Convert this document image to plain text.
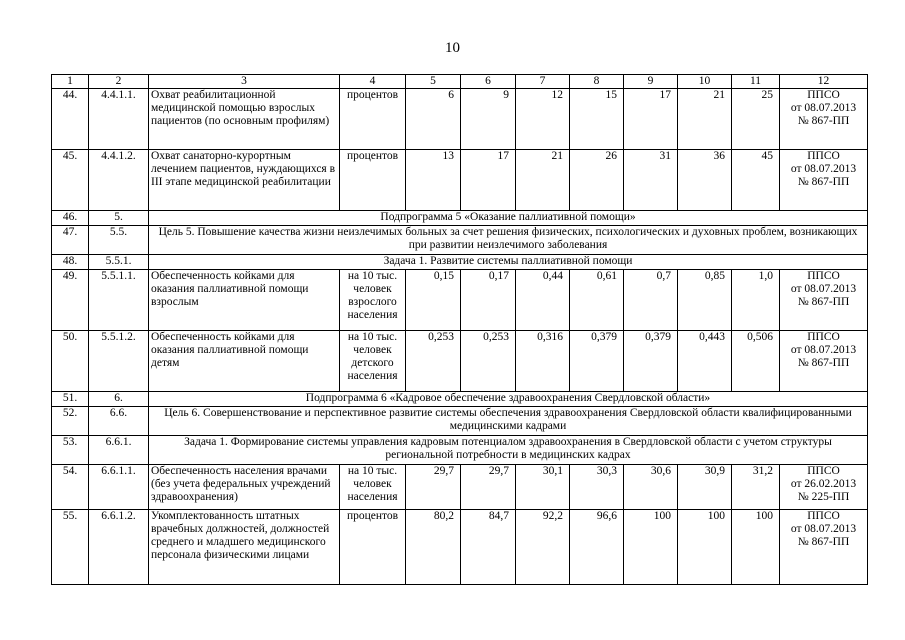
10
1	2	3	4	5	6	7	8	9	10	11	12
44.	4.4.1.1.	Охват реабилитационной медицинской помощью взрослых пациентов (по основным профилям)	процентов	6	9	12	15	17	21	25	ППСО
от 08.07.2013
№ 867-ПП
45.	4.4.1.2.	Охват санаторно-курортным лечением пациентов, нуждающихся в III этапе медицинской реабилитации	процентов	13	17	21	26	31	36	45	ППСО
от 08.07.2013
№ 867-ПП
46.	5.	Подпрограмма 5 «Оказание паллиативной помощи»									
47.	5.5.	Цель 5. Повышение качества жизни неизлечимых больных за счет решения физических, психологических и духовных проблем, возникающих при развитии неизлечимого заболевания									
48.	5.5.1.	Задача 1. Развитие системы паллиативной помощи									
49.	5.5.1.1.	Обеспеченность койками для оказания паллиативной помощи взрослым	на 10 тыс. человек взрослого населения	0,15	0,17	0,44	0,61	0,7	0,85	1,0	ППСО
от 08.07.2013
№ 867-ПП
50.	5.5.1.2.	Обеспеченность койками для оказания паллиативной помощи детям	на 10 тыс. человек детского населения	0,253	0,253	0,316	0,379	0,379	0,443	0,506	ППСО
от 08.07.2013
№ 867-ПП
51.	6.	Подпрограмма 6 «Кадровое обеспечение здравоохранения Свердловской области»									
52.	6.6.	Цель 6. Совершенствование и перспективное развитие системы обеспечения здравоохранения Свердловской области квалифицированными медицинскими кадрами									
53.	6.6.1.	Задача 1. Формирование системы управления кадровым потенциалом здравоохранения в Свердловской области с учетом структуры региональной потребности в медицинских кадрах									
54.	6.6.1.1.	Обеспеченность населения врачами (без учета федеральных учреждений здравоохранения)	на 10 тыс. человек населения	29,7	29,7	30,1	30,3	30,6	30,9	31,2	ППСО
от 26.02.2013
№ 225-ПП
55.	6.6.1.2.	Укомплектованность штатных врачебных должностей, должностей среднего и младшего медицинского персонала физическими лицами	процентов	80,2	84,7	92,2	96,6	100	100	100	ППСО
от 08.07.2013
№ 867-ПП
